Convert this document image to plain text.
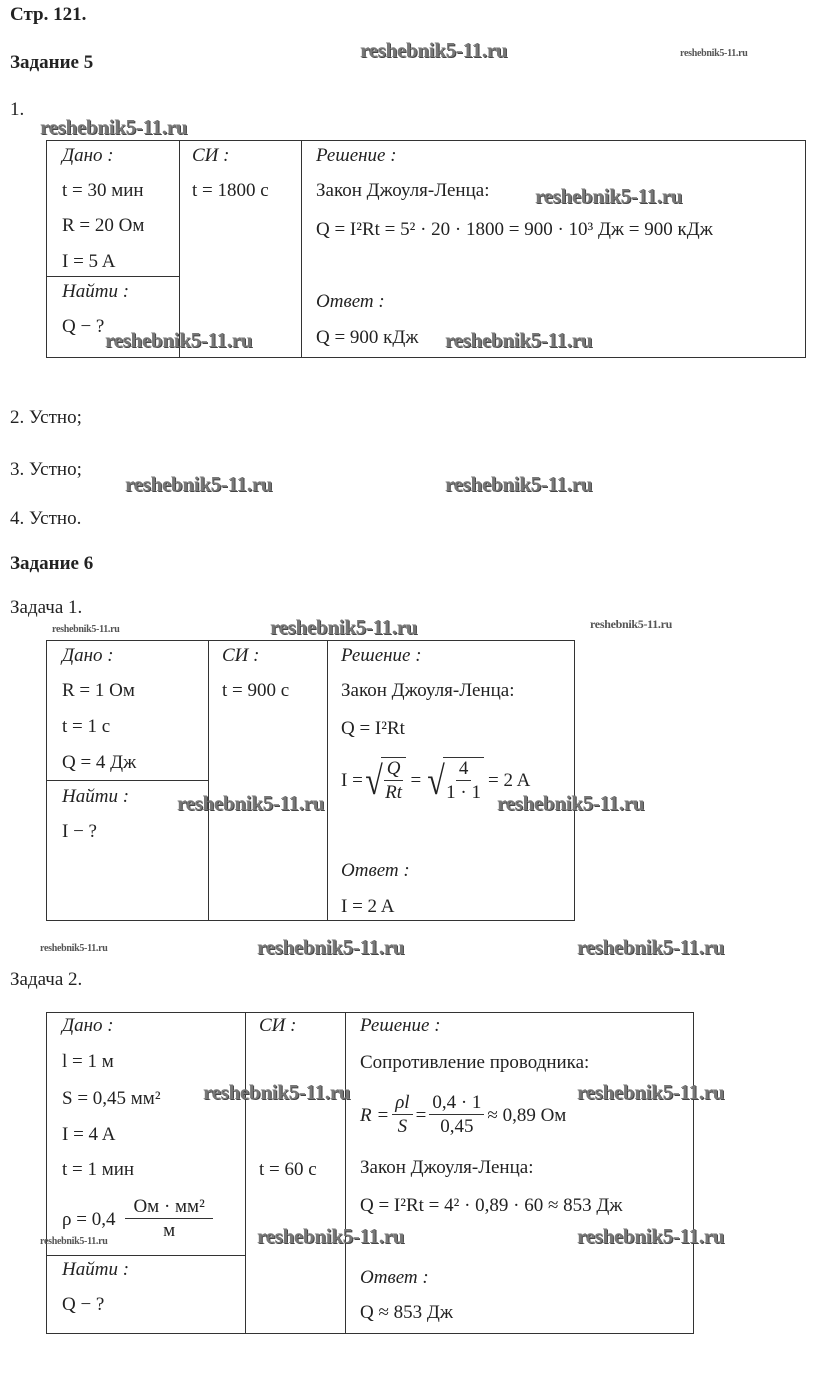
Стр. 121.
Задание 5
1.
Дано :
t = 30 мин
R = 20 Ом
I = 5 A
Найти :
Q − ?
СИ :
t = 1800 с
Решение :
Закон Джоуля-Ленца:
Q = I²Rt = 5² · 20 · 1800 = 900 · 10³ Дж = 900 кДж
Ответ :
Q = 900 кДж
2. Устно;
3. Устно;
4. Устно.
Задание 6
Задача 1.
Дано :
R = 1 Ом
t = 1 с
Q = 4 Дж
Найти :
I − ?
СИ :
t = 900 с
Решение :
Закон Джоуля-Ленца:
Q = I²Rt
I = √ $\frac{Q}{Rt}$ = √ $\frac{4}{1 \cdot 1} = 2$ A
Ответ :
I = 2 A
Задача 2.
Дано :
l = 1 м
S = 0,45 мм²
I = 4 A
t = 1 мин
$\rho = 0,4 \frac{\text{Ом · мм²}}{м}$
Найти :
Q − ?
СИ :
t = 60 с
Решение :
Сопротивление проводника:
$R = \frac{\rho l}{S} = \frac{0,4 \cdot 1}{0,45} \approx 0,89$ Ом
Закон Джоуля-Ленца:
Q = I²Rt = 4² · 0,89 · 60 ≈ 853 Дж
Ответ :
Q ≈ 853 Дж
reshebnik5-11.ru	reshebnik5-11.ru
reshebnik5-11.ru
reshebnik5-11.ru
reshebnik5-11.ru	reshebnik5-11.ru
reshebnik5-11.ru	reshebnik5-11.ru
reshebnik5-11.ru	reshebnik5-11.ru	reshebnik5-11.ru
reshebnik5-11.ru	reshebnik5-11.ru
reshebnik5-11.ru	reshebnik5-11.ru	reshebnik5-11.ru
reshebnik5-11.ru	reshebnik5-11.ru
reshebnik5-11.ru	reshebnik5-11.ru	reshebnik5-11.ru
